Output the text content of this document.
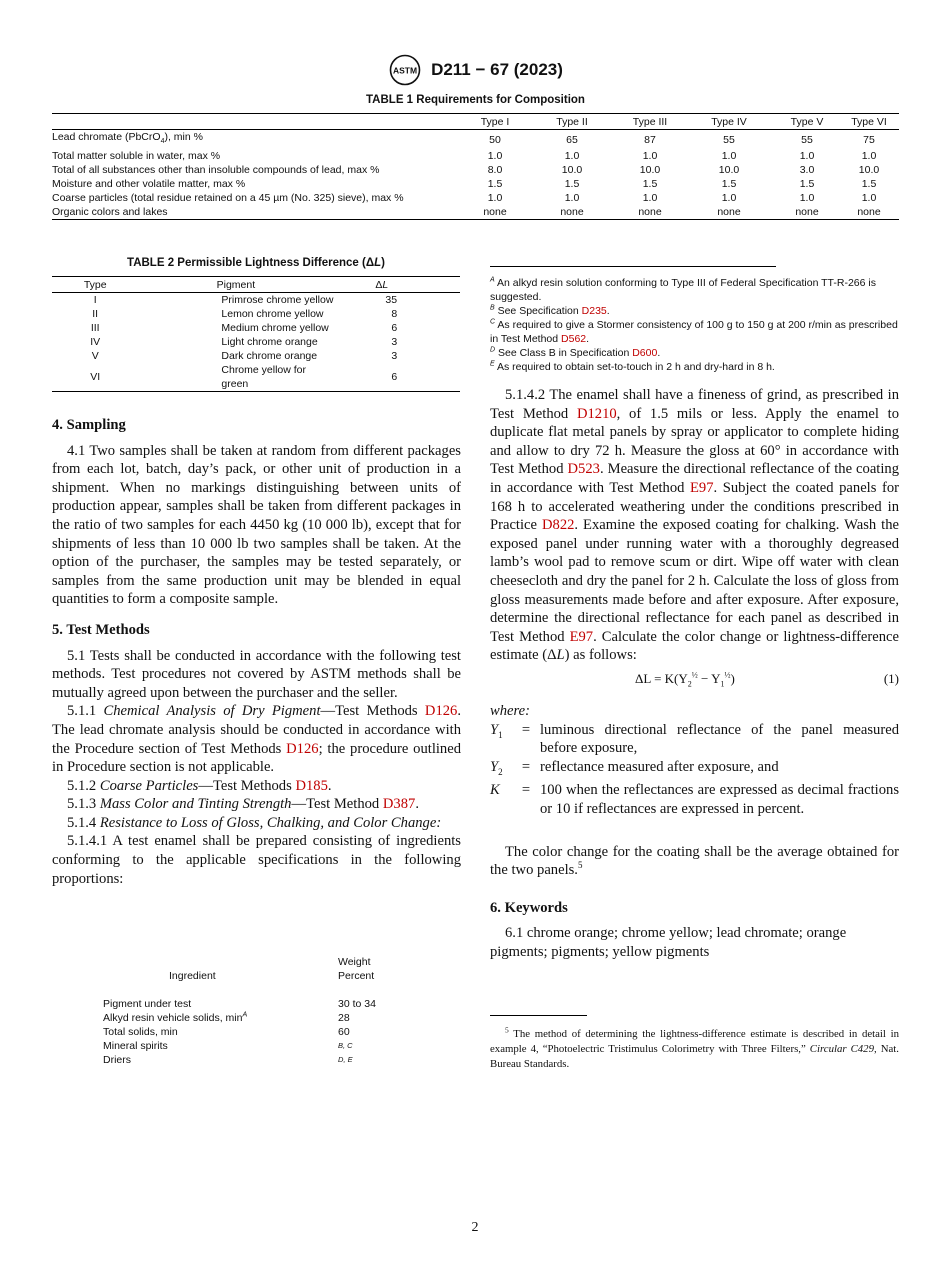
ASTM D211 − 67 (2023)
TABLE 1 Requirements for Composition
	Type I	Type II	Type III	Type IV	Type V	Type VI
Lead chromate (PbCrO$_4$), min %	50	65	87	55	55	75
Total matter soluble in water, max %	1.0	1.0	1.0	1.0	1.0	1.0
Total of all substances other than insoluble compounds of lead, max %	8.0	10.0	10.0	10.0	3.0	10.0
Moisture and other volatile matter, max %	1.5	1.5	1.5	1.5	1.5	1.5
Coarse particles (total residue retained on a 45 µm (No. 325) sieve), max %	1.0	1.0	1.0	1.0	1.0	1.0
Organic colors and lakes	none	none	none	none	none	none
TABLE 2 Permissible Lightness Difference (ΔL)
Type	Pigment	ΔL
I	Primrose chrome yellow	35
II	Lemon chrome yellow	8
III	Medium chrome yellow	6
IV	Light chrome orange	3
V	Dark chrome orange	3
VI	Chrome yellow for green	6

$^A$ An alkyd resin solution conforming to Type III of Federal Specification TT-R-266 is suggested.

$^B$ See Specification D235.

$^C$ As required to give a Stormer consistency of 100 g to 150 g at 200 r/min as prescribed in Test Method D562.

$^D$ See Class B in Specification D600.

$^E$ As required to obtain set-to-touch in 2 h and dry-hard in 8 h.

4. Sampling

4.1 Two samples shall be taken at random from different packages from each lot, batch, day’s pack, or other unit of production in a shipment. When no markings distinguishing between units of production appear, samples shall be taken from different packages in the ratio of two samples for each 4450 kg (10 000 lb), except that for shipments of less than 10 000 lb two samples shall be taken. At the option of the purchaser, the samples may be tested separately, or samples from the same production unit may be blended in equal quantities to form a composite sample.

5. Test Methods

5.1 Tests shall be conducted in accordance with the following test methods. Test procedures not covered by ASTM methods shall be mutually agreed upon between the purchaser and the seller.

5.1.1 Chemical Analysis of Dry Pigment—Test Methods D126. The lead chromate analysis should be conducted in accordance with the Procedure section of Test Methods D126; the procedure outlined in Procedure section is not applicable.

5.1.2 Coarse Particles—Test Methods D185.

5.1.3 Mass Color and Tinting Strength—Test Method D387.

5.1.4 Resistance to Loss of Gloss, Chalking, and Color Change:

5.1.4.1 A test enamel shall be prepared consisting of ingredients conforming to the applicable specifications in the following proportions:

	Weight
Ingredient	Percent

Pigment under test	30 to 34
Alkyd resin vehicle solids, $\min^A$	28
Total solids, min	60
Mineral spirits	B, C
Driers	D, E

5.1.4.2 The enamel shall have a fineness of grind, as prescribed in Test Method D1210, of 1.5 mils or less. Apply the enamel to duplicate flat metal panels by spray or applicator to complete hiding and allow to dry 72 h. Measure the gloss at 60° in accordance with Test Method D523. Measure the directional reflectance of the coating in accordance with Test Method E97. Subject the coated panels for 168 h to accelerated weathering under the conditions prescribed in Practice D822. Examine the exposed coating for chalking. Wash the exposed panel under running water with a thoroughly degreased lamb’s wool pad to remove scum or dirt. Wipe off water with clean cheesecloth and dry the panel for 2 h. Calculate the loss of gloss from gloss measurements made before and after exposure. After exposure, determine the directional reflectance for each panel as described in Test Method E97. Calculate the color change or lightness-difference estimate (ΔL) as follows:

$\Delta L = K(Y_2^{\frac{1}{2}} - Y_1^{\frac{1}{2}})$	(1)

where:

$Y_1$	=	luminous directional reflectance of the panel measured before exposure,
$Y_2$	=	reflectance measured after exposure, and
K	=	100 when the reflectances are expressed as decimal fractions or 10 if reflectances are expressed in percent.

The color change for the coating shall be the average obtained for the two panels.$^5$

6. Keywords

6.1 chrome orange; chrome yellow; lead chromate; orange pigments; pigments; yellow pigments

$^5$ The method of determining the lightness-difference estimate is described in detail in example 4, “Photoelectric Tristimulus Colorimetry with Three Filters,” Circular C429, Nat. Bureau Standards.
2
